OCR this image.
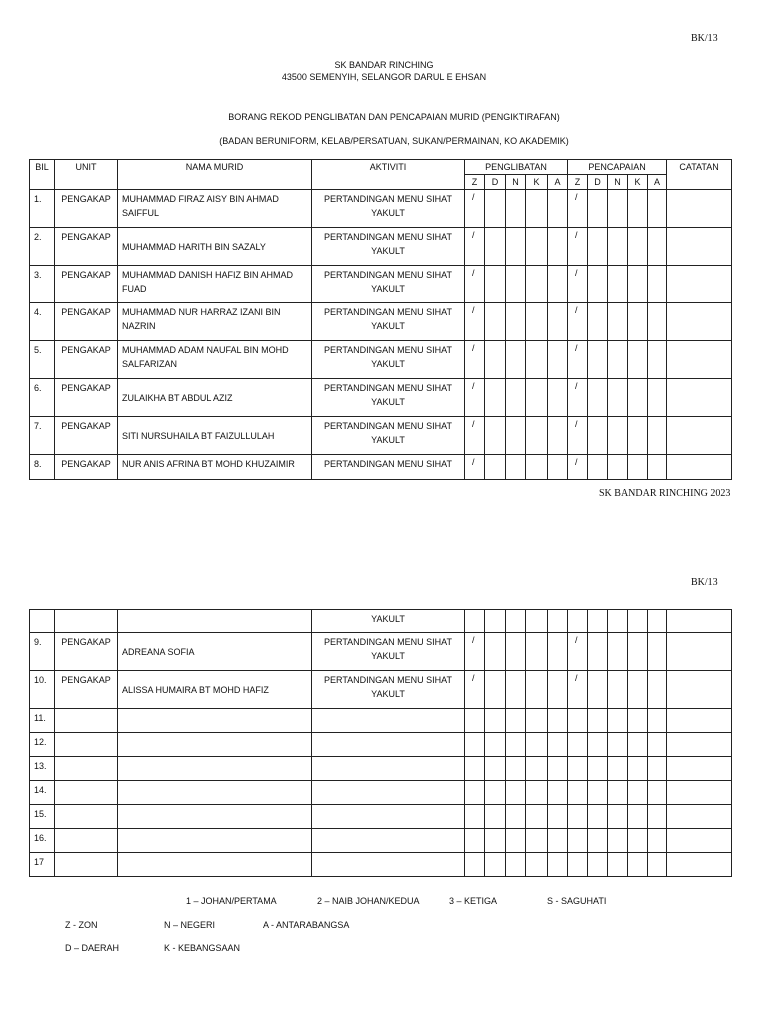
BK/13
SK BANDAR RINCHING
43500 SEMENYIH, SELANGOR DARUL E EHSAN
BORANG REKOD PENGLIBATAN DAN PENCAPAIAN MURID (PENGIKTIRAFAN)
(BADAN BERUNIFORM, KELAB/PERSATUAN, SUKAN/PERMAINAN, KO AKADEMIK)
BIL	UNIT	NAMA MURID	AKTIVITI	PENGLIBATAN					PENCAPAIAN					CATATAN
				Z	D	N	K	A	Z	D	N	K	A	
1.	PENGAKAP	MUHAMMAD FIRAZ AISY BIN AHMAD SAIFFUL	PERTANDINGAN MENU SIHAT YAKULT	/					/					
2.	PENGAKAP	MUHAMMAD HARITH BIN SAZALY	PERTANDINGAN MENU SIHAT YAKULT	/					/					
3.	PENGAKAP	MUHAMMAD DANISH HAFIZ BIN AHMAD FUAD	PERTANDINGAN MENU SIHAT YAKULT	/					/					
4.	PENGAKAP	MUHAMMAD NUR HARRAZ IZANI BIN NAZRIN	PERTANDINGAN MENU SIHAT YAKULT	/					/					
5.	PENGAKAP	MUHAMMAD ADAM NAUFAL BIN MOHD SALFARIZAN	PERTANDINGAN MENU SIHAT YAKULT	/					/					
6.	PENGAKAP	ZULAIKHA BT ABDUL AZIZ	PERTANDINGAN MENU SIHAT YAKULT	/					/					
7.	PENGAKAP	SITI NURSUHAILA BT FAIZULLULAH	PERTANDINGAN MENU SIHAT YAKULT	/					/					
8.	PENGAKAP	NUR ANIS AFRINA BT MOHD KHUZAIMIR	PERTANDINGAN MENU SIHAT	/					/					
SK BANDAR RINCHING 2023
BK/13
			YAKULT											
9.	PENGAKAP	ADREANA SOFIA	PERTANDINGAN MENU SIHAT YAKULT	/					/					
10.	PENGAKAP	ALISSA HUMAIRA BT MOHD HAFIZ	PERTANDINGAN MENU SIHAT YAKULT	/					/					
11.														
12.														
13.														
14.														
15.														
16.														
17														
1 – JOHAN/PERTAMA	2 – NAIB JOHAN/KEDUA	3 – KETIGA	S - SAGUHATI
Z - ZON	N – NEGERI	A - ANTARABANGSA
D – DAERAH	K - KEBANGSAAN
